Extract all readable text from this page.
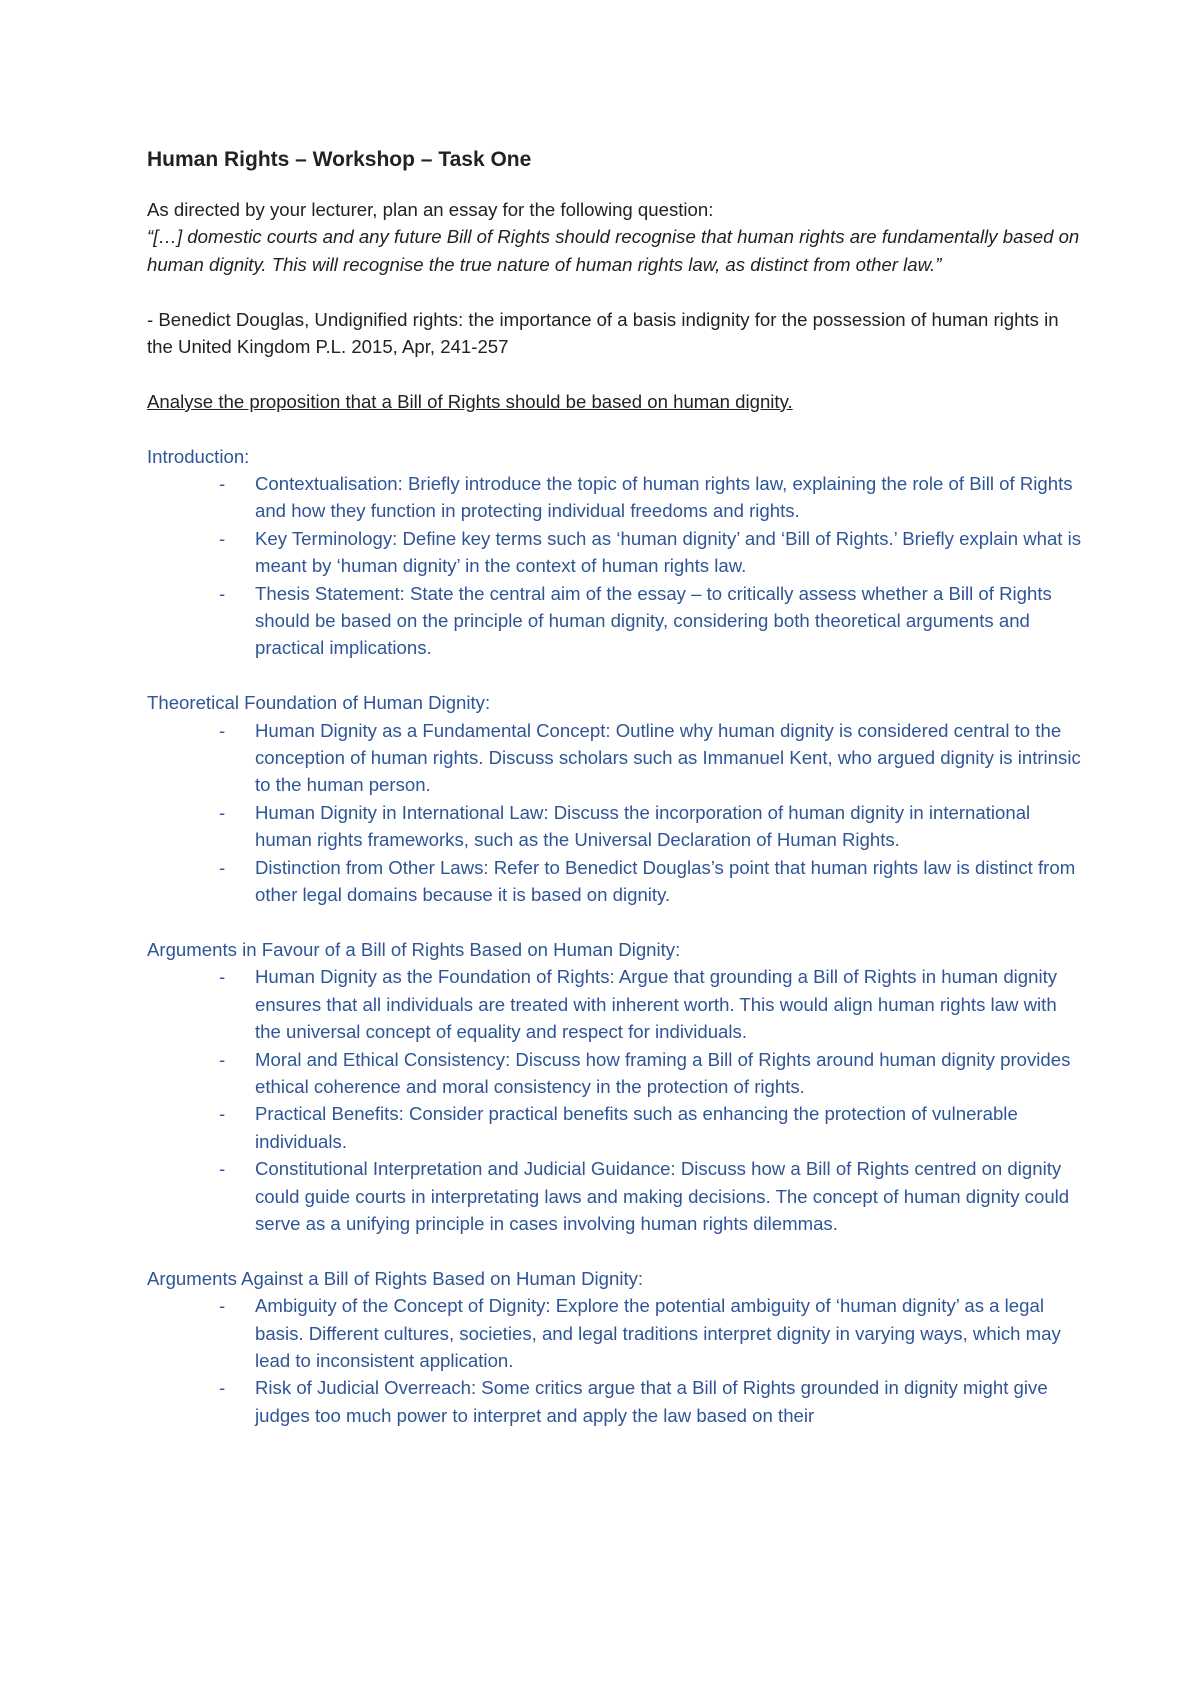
Human Rights – Workshop – Task One

As directed by your lecturer, plan an essay for the following question:

“[…] domestic courts and any future Bill of Rights should recognise that human rights are fundamentally based on human dignity. This will recognise the true nature of human rights law, as distinct from other law.”

- Benedict Douglas, Undignified rights: the importance of a basis indignity for the possession of human rights in the United Kingdom P.L. 2015, Apr, 241-257

Analyse the proposition that a Bill of Rights should be based on human dignity.

Introduction:

- Contextualisation: Briefly introduce the topic of human rights law, explaining the role of Bill of Rights and how they function in protecting individual freedoms and rights.
- Key Terminology: Define key terms such as ‘human dignity’ and ‘Bill of Rights.’ Briefly explain what is meant by ‘human dignity’ in the context of human rights law.
- Thesis Statement: State the central aim of the essay – to critically assess whether a Bill of Rights should be based on the principle of human dignity, considering both theoretical arguments and practical implications.

Theoretical Foundation of Human Dignity:

- Human Dignity as a Fundamental Concept: Outline why human dignity is considered central to the conception of human rights. Discuss scholars such as Immanuel Kent, who argued dignity is intrinsic to the human person.
- Human Dignity in International Law: Discuss the incorporation of human dignity in international human rights frameworks, such as the Universal Declaration of Human Rights.
- Distinction from Other Laws: Refer to Benedict Douglas’s point that human rights law is distinct from other legal domains because it is based on dignity.

Arguments in Favour of a Bill of Rights Based on Human Dignity:

- Human Dignity as the Foundation of Rights: Argue that grounding a Bill of Rights in human dignity ensures that all individuals are treated with inherent worth. This would align human rights law with the universal concept of equality and respect for individuals.
- Moral and Ethical Consistency: Discuss how framing a Bill of Rights around human dignity provides ethical coherence and moral consistency in the protection of rights.
- Practical Benefits: Consider practical benefits such as enhancing the protection of vulnerable individuals.
- Constitutional Interpretation and Judicial Guidance: Discuss how a Bill of Rights centred on dignity could guide courts in interpretating laws and making decisions. The concept of human dignity could serve as a unifying principle in cases involving human rights dilemmas.

Arguments Against a Bill of Rights Based on Human Dignity:

- Ambiguity of the Concept of Dignity: Explore the potential ambiguity of ‘human dignity’ as a legal basis. Different cultures, societies, and legal traditions interpret dignity in varying ways, which may lead to inconsistent application.
- Risk of Judicial Overreach: Some critics argue that a Bill of Rights grounded in dignity might give judges too much power to interpret and apply the law based on their
